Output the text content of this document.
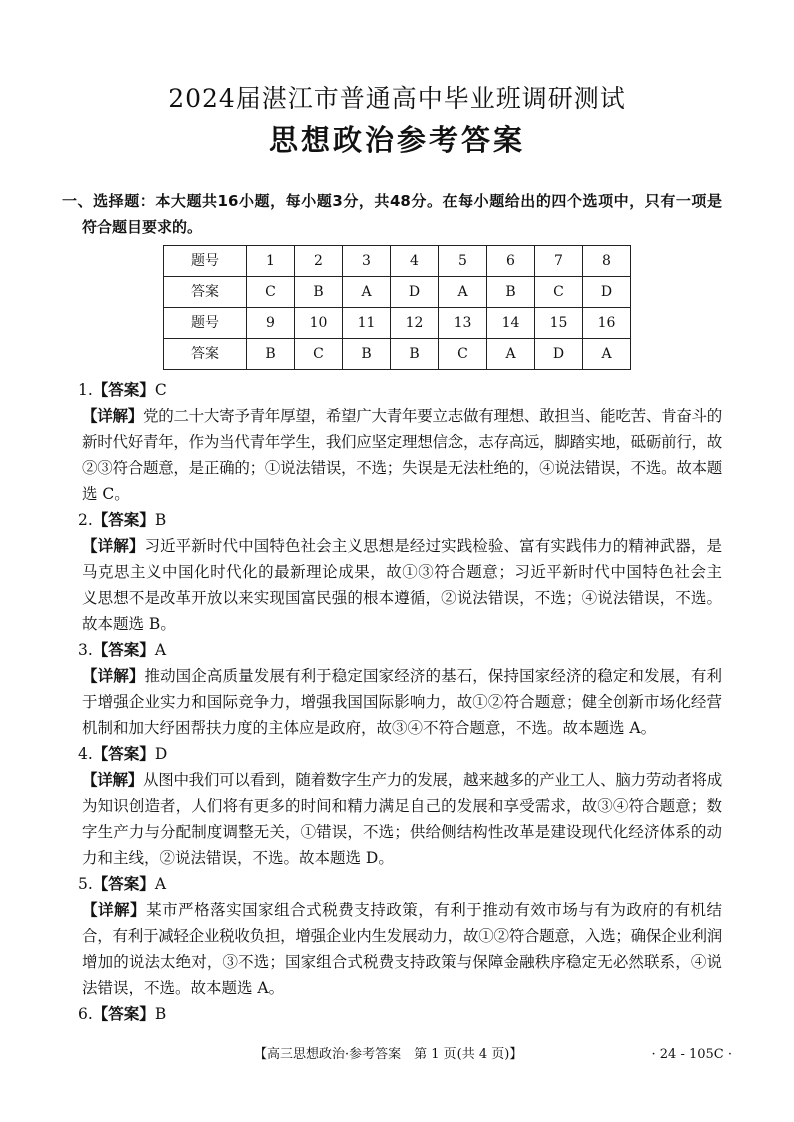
2024届湛江市普通高中毕业班调研测试
思想政治参考答案
一、选择题：本大题共16小题，每小题3分，共48分。在每小题给出的四个选项中，只有一项是
符合题目要求的。
题号	1	2	3	4	5	6	7	8
答案	C	B	A	D	A	B	C	D
题号	9	10	11	12	13	14	15	16
答案	B	C	B	B	C	A	D	A
1.【答案】C
【详解】党的二十大寄予青年厚望，希望广大青年要立志做有理想、敢担当、能吃苦、肯奋斗的
新时代好青年，作为当代青年学生，我们应坚定理想信念，志存高远，脚踏实地，砥砺前行，故
②③符合题意，是正确的；①说法错误，不选；失误是无法杜绝的，④说法错误，不选。故本题
选 C。
2.【答案】B
【详解】习近平新时代中国特色社会主义思想是经过实践检验、富有实践伟力的精神武器，是
马克思主义中国化时代化的最新理论成果，故①③符合题意；习近平新时代中国特色社会主
义思想不是改革开放以来实现国富民强的根本遵循，②说法错误，不选；④说法错误，不选。
故本题选 B。
3.【答案】A
【详解】推动国企高质量发展有利于稳定国家经济的基石，保持国家经济的稳定和发展，有利
于增强企业实力和国际竞争力，增强我国国际影响力，故①②符合题意；健全创新市场化经营
机制和加大纾困帮扶力度的主体应是政府，故③④不符合题意，不选。故本题选 A。
4.【答案】D
【详解】从图中我们可以看到，随着数字生产力的发展，越来越多的产业工人、脑力劳动者将成
为知识创造者，人们将有更多的时间和精力满足自己的发展和享受需求，故③④符合题意；数
字生产力与分配制度调整无关，①错误，不选；供给侧结构性改革是建设现代化经济体系的动
力和主线，②说法错误，不选。故本题选 D。
5.【答案】A
【详解】某市严格落实国家组合式税费支持政策，有利于推动有效市场与有为政府的有机结
合，有利于减轻企业税收负担，增强企业内生发展动力，故①②符合题意，入选；确保企业利润
增加的说法太绝对，③不选；国家组合式税费支持政策与保障金融秩序稳定无必然联系，④说
法错误，不选。故本题选 A。
6.【答案】B
【高三思想政治·参考答案　第 1 页(共 4 页)】	· 24 - 105C ·
